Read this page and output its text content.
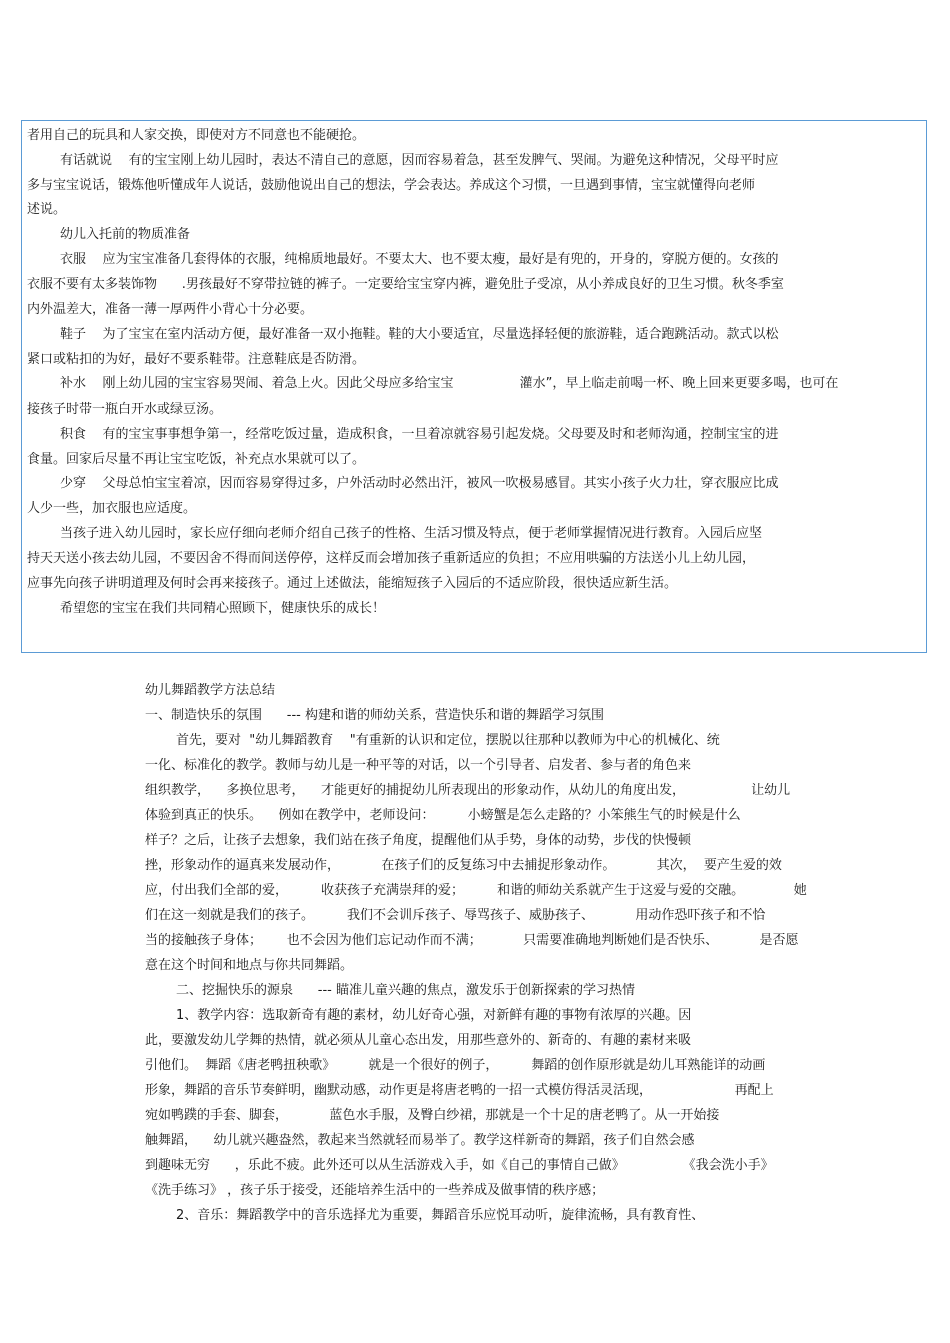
者用自己的玩具和人家交换，即使对方不同意也不能硬抢。
有话就说    有的宝宝刚上幼儿园时，表达不清自己的意愿，因而容易着急，甚至发脾气、哭闹。为避免这种情况，父母平时应
多与宝宝说话，锻炼他听懂成年人说话，鼓励他说出自己的想法，学会表达。养成这个习惯，一旦遇到事情，宝宝就懂得向老师
述说。
幼儿入托前的物质准备
衣服    应为宝宝准备几套得体的衣服，纯棉质地最好。不要太大、也不要太瘦，最好是有兜的，开身的，穿脱方便的。女孩的
衣服不要有太多装饰物      .男孩最好不穿带拉链的裤子。一定要给宝宝穿内裤，避免肚子受凉，从小养成良好的卫生习惯。秋冬季室
内外温差大，准备一薄一厚两件小背心十分必要。
鞋子    为了宝宝在室内活动方便，最好准备一双小拖鞋。鞋的大小要适宜，尽量选择轻便的旅游鞋，适合跑跳活动。款式以松
紧口或粘扣的为好，最好不要系鞋带。注意鞋底是否防滑。
补水    刚上幼儿园的宝宝容易哭闹、着急上火。因此父母应多给宝宝                灌水”，早上临走前喝一杯、晚上回来更要多喝，也可在
接孩子时带一瓶白开水或绿豆汤。
积食    有的宝宝事事想争第一，经常吃饭过量，造成积食，一旦着凉就容易引起发烧。父母要及时和老师沟通，控制宝宝的进
食量。回家后尽量不再让宝宝吃饭，补充点水果就可以了。
少穿    父母总怕宝宝着凉，因而容易穿得过多，户外活动时必然出汗，被风一吹极易感冒。其实小孩子火力壮，穿衣服应比成
人少一些，加衣服也应适度。
当孩子进入幼儿园时，家长应仔细向老师介绍自己孩子的性格、生活习惯及特点，便于老师掌握情况进行教育。入园后应坚
持天天送小孩去幼儿园，不要因舍不得而间送停停，这样反而会增加孩子重新适应的负担；不应用哄骗的方法送小儿上幼儿园，
应事先向孩子讲明道理及何时会再来接孩子。通过上述做法，能缩短孩子入园后的不适应阶段，很快适应新生活。
希望您的宝宝在我们共同精心照顾下，健康快乐的成长！
幼儿舞蹈教学方法总结
一、制造快乐的氛围      --- 构建和谐的师幼关系，营造快乐和谐的舞蹈学习氛围
首先，要对  "幼儿舞蹈教育    "有重新的认识和定位，摆脱以往那种以教师为中心的机械化、统
一化、标准化的教学。教师与幼儿是一种平等的对话，以一个引导者、启发者、参与者的角色来
组织教学，    多换位思考，    才能更好的捕捉幼儿所表现出的形象动作，从幼儿的角度出发，                让幼儿
体验到真正的快乐。    例如在教学中，老师设问：        小螃蟹是怎么走路的？小笨熊生气的时候是什么
样子？之后，让孩子去想象，我们站在孩子角度，提醒他们从手势，身体的动势，步伐的快慢顿
挫，形象动作的逼真来发展动作，          在孩子们的反复练习中去捕捉形象动作。          其次，  要产生爱的效
应，付出我们全部的爱，        收获孩子充满崇拜的爱；        和谐的师幼关系就产生于这爱与爱的交融。            她
们在这一刻就是我们的孩子。        我们不会训斥孩子、辱骂孩子、威胁孩子、          用动作恐吓孩子和不恰
当的接触孩子身体；      也不会因为他们忘记动作而不满；          只需要准确地判断她们是否快乐、          是否愿
意在这个时间和地点与你共同舞蹈。
二、挖掘快乐的源泉      --- 瞄准儿童兴趣的焦点，激发乐于创新探索的学习热情
1、教学内容：选取新奇有趣的素材，幼儿好奇心强，对新鲜有趣的事物有浓厚的兴趣。因
此，要激发幼儿学舞的热情，就必须从儿童心态出发，用那些意外的、新奇的、有趣的素材来吸
引他们。  舞蹈《唐老鸭扭秧歌》        就是一个很好的例子，        舞蹈的创作原形就是幼儿耳熟能详的动画
形象，舞蹈的音乐节奏鲜明，幽默动感，动作更是将唐老鸭的一招一式模仿得活灵活现，                    再配上
宛如鸭蹼的手套、脚套，          蓝色水手服，及臀白纱裙，那就是一个十足的唐老鸭了。从一开始接
触舞蹈，    幼儿就兴趣盎然，教起来当然就轻而易举了。教学这样新奇的舞蹈，孩子们自然会感
到趣味无穷      ，乐此不疲。此外还可以从生活游戏入手，如《自己的事情自己做》              《我会洗小手》
《洗手练习》 ，孩子乐于接受，还能培养生活中的一些养成及做事情的秩序感；
2、音乐：舞蹈教学中的音乐选择尤为重要，舞蹈音乐应悦耳动听，旋律流畅，具有教育性、
